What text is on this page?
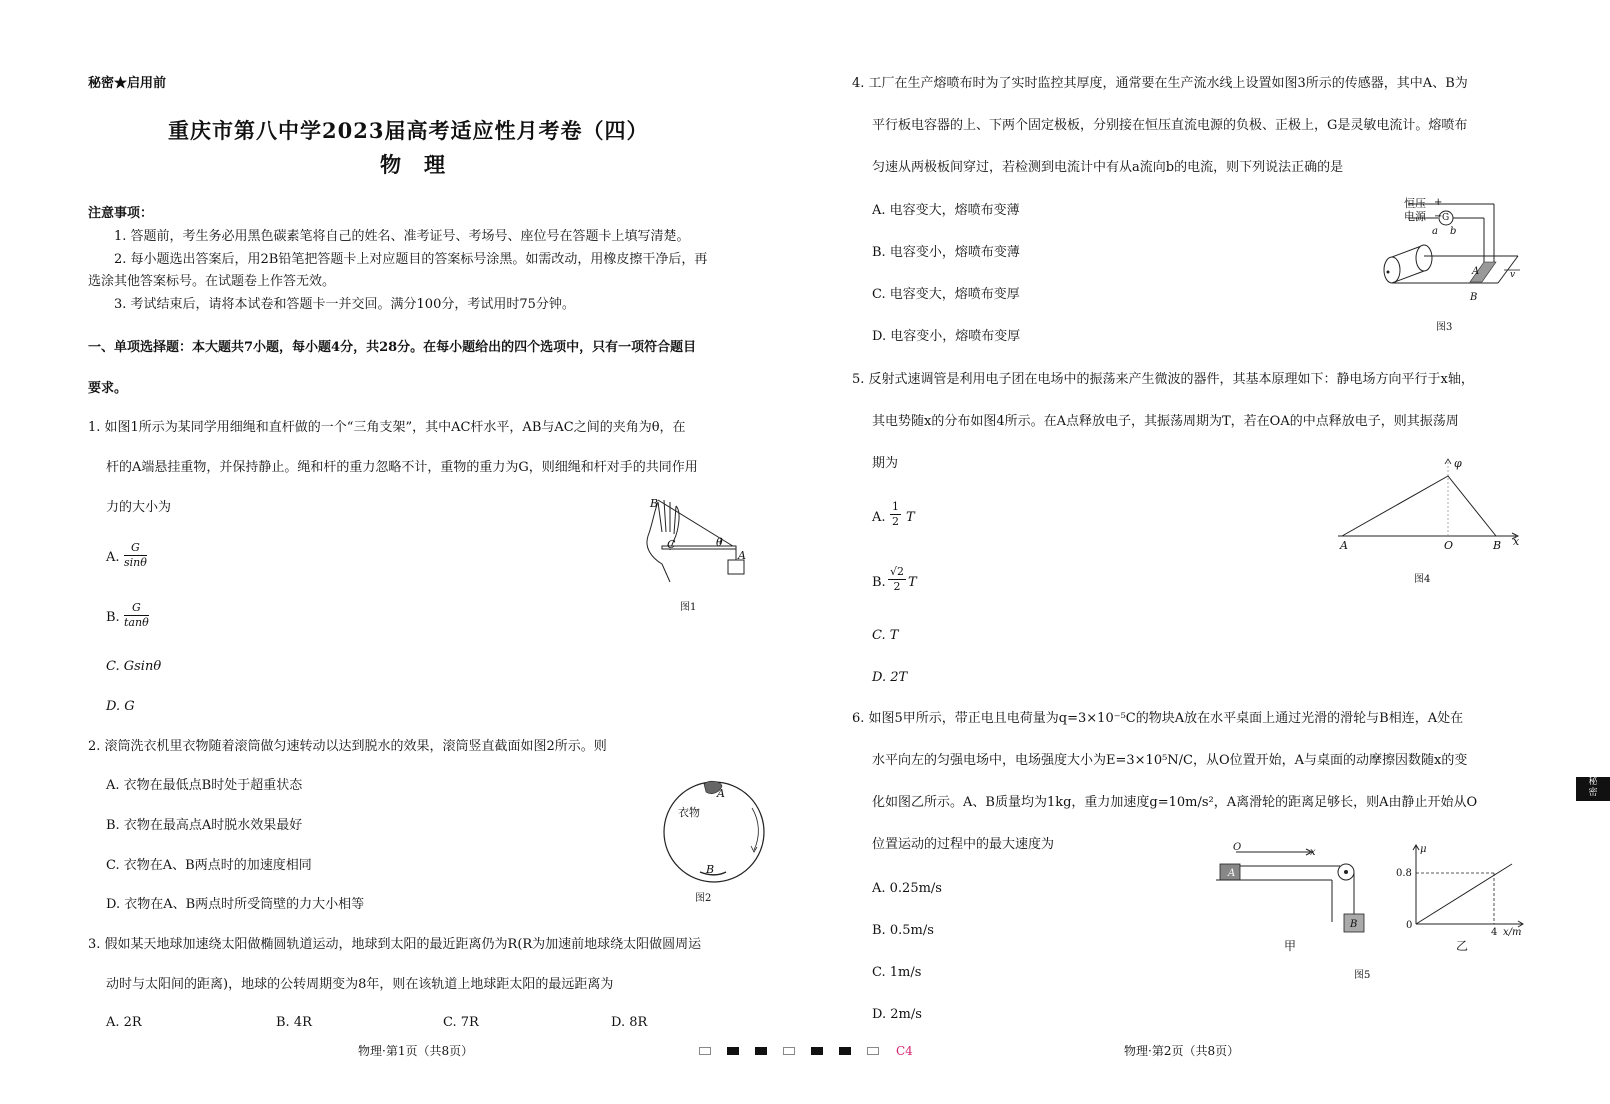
秘密★启用前
重庆市第八中学2023届高考适应性月考卷（四）
物　理
注意事项：
1. 答题前，考生务必用黑色碳素笔将自己的姓名、准考证号、考场号、座位号在答题卡上填写清楚。
2. 每小题选出答案后，用2B铅笔把答题卡上对应题目的答案标号涂黑。如需改动，用橡皮擦干净后，再
选涂其他答案标号。在试题卷上作答无效。
3. 考试结束后，请将本试卷和答题卡一并交回。满分100分，考试用时75分钟。
一、单项选择题：本大题共7小题，每小题4分，共28分。在每小题给出的四个选项中，只有一项符合题目
要求。
1. 如图1所示为某同学用细绳和直杆做的一个“三角支架”，其中AC杆水平，AB与AC之间的夹角为θ，在
杆的A端悬挂重物，并保持静止。绳和杆的重力忽略不计，重物的重力为G，则细绳和杆对手的共同作用
力的大小为
A. $\frac{G}{\sin\theta}$
B. $\frac{G}{\tan\theta}$
C. Gsinθ
D. G
B
C
A
θ
图1
2. 滚筒洗衣机里衣物随着滚筒做匀速转动以达到脱水的效果，滚筒竖直截面如图2所示。则
A. 衣物在最低点B时处于超重状态
B. 衣物在最高点A时脱水效果最好
C. 衣物在A、B两点时的加速度相同
D. 衣物在A、B两点时所受筒壁的力大小相等
衣物
A
B
图2
3. 假如某天地球加速绕太阳做椭圆轨道运动，地球到太阳的最近距离仍为R(R为加速前地球绕太阳做圆周运
动时与太阳间的距离)，地球的公转周期变为8年，则在该轨道上地球距太阳的最远距离为
A. 2R	B. 4R	C. 7R	D. 8R
物理·第1页（共8页）	C4
4. 工厂在生产熔喷布时为了实时监控其厚度，通常要在生产流水线上设置如图3所示的传感器，其中A、B为
平行板电容器的上、下两个固定极板，分别接在恒压直流电源的负极、正极上，G是灵敏电流计。熔喷布
匀速从两极板间穿过，若检测到电流计中有从a流向b的电流，则下列说法正确的是
A. 电容变大，熔喷布变薄
B. 电容变小，熔喷布变薄
C. 电容变大，熔喷布变厚
D. 电容变小，熔喷布变厚
恒压
电源
+
− G
a b
A
B
v
图3
5. 反射式速调管是利用电子团在电场中的振荡来产生微波的器件，其基本原理如下：静电场方向平行于x轴，
其电势随x的分布如图4所示。在A点释放电子，其振荡周期为T，若在OA的中点释放电子，则其振荡周
期为
A. $\frac{1}{2}$ T
B. $\frac{√2}{2}$ T
C. T
D. 2T
φ
A	O	B x
图4
6. 如图5甲所示，带正电且电荷量为q=3×10⁻⁵C的物块A放在水平桌面上通过光滑的滑轮与B相连，A处在
水平向左的匀强电场中，电场强度大小为E=3×10⁵N/C，从O位置开始，A与桌面的动摩擦因数随x的变
化如图乙所示。A、B质量均为1kg，重力加速度g=10m/s²，A离滑轮的距离足够长，则A由静止开始从O
位置运动的过程中的最大速度为
A. 0.25m/s
B. 0.5m/s
C. 1m/s
D. 2m/s
O	x
A
B
甲
μ
0.8
0
4 x/m
乙
图5
物理·第2页（共8页）
秘
密
